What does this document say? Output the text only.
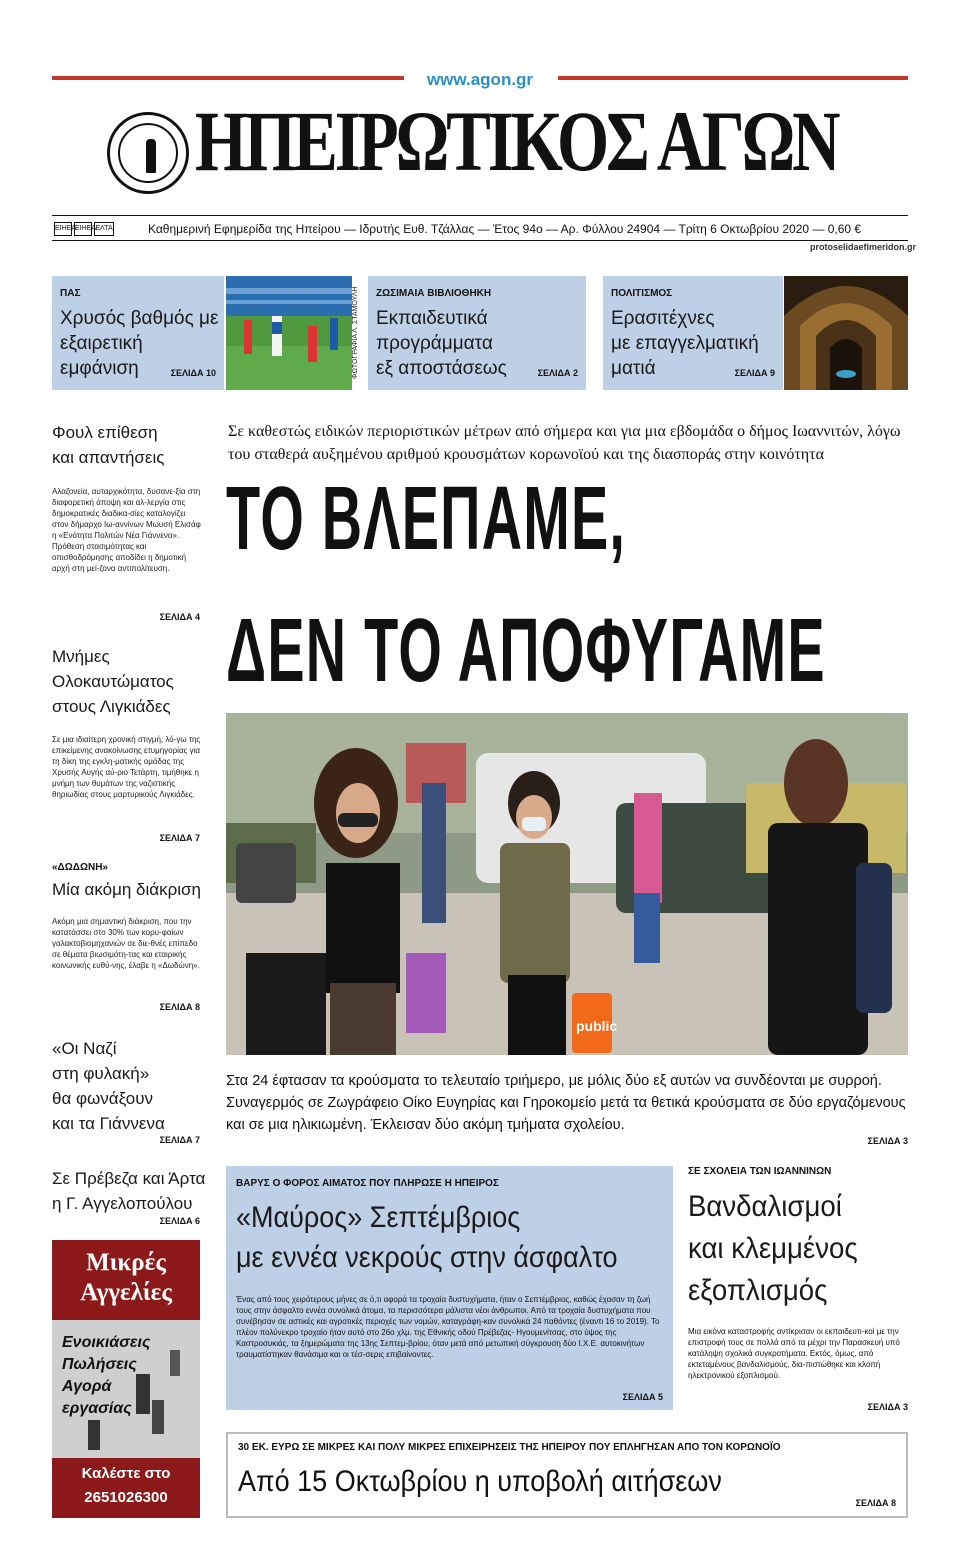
www.agon.gr
ΗΠΕΙΡΩΤΙΚΟΣ ΑΓΩΝ
ΕΙΗΕΑ
ΕΙΗΕΑ ΕΛΤΑ	Καθημερινή Εφημερίδα της Ηπείρου — Ιδρυτής Ευθ. Τζάλλας — Έτος 94ο — Αρ. Φύλλου 24904 — Τρίτη 6 Οκτωβρίου 2020 — 0,60 €
protoselidaefimeridon.gr
ΠΑΣ
Χρυσός βαθμός με
εξαιρετική εμφάνιση	ΣΕΛΙΔΑ 10	ΦΩΤΟΓΡΑΦΙΑ Λ. ΣΤΑΜΟΥΛΗ	ΖΩΣΙΜΑΙΑ ΒΙΒΛΙΟΘΗΚΗ
Εκπαιδευτικά προγράμματα
εξ αποστάσεως	ΣΕΛΙΔΑ 2
ΠΟΛΙΤΙΣΜΟΣ
Ερασιτέχνες
με επαγγελματική ματιά	ΣΕΛΙΔΑ 9
Φουλ επίθεση
και απαντήσεις
Αλαζονεία, αυταρχικότητα, δυσανε-ξία στη διαφορετική άποψη και αλ-λεργία στις δημοκρατικές διαδικα-σίες καταλογίζει στον δήμαρχο Ιω-αννίνων Μωυσή Ελισάφ η «Ενότητα Πολιτών Νέα Γιάννενα». Πρόθεση στασιμότητας και οπισθοδρόμησης αποδίδει η δημοτική αρχή στη μεί-ζονα αντιπολίτευση.
ΣΕΛΙΔΑ 4
Μνήμες
Ολοκαυτώματος
στους Λιγκιάδες
Σε μια ιδιαίτερη χρονική στιγμή, λό-γω της επικείμενης ανακοίνωσης ετυμηγορίας για τη δίκη της εγκλη-ματικής ομάδας της Χρυσής Αυγής αύ-ριο Τετάρτη, τιμήθηκε η μνήμη των θυμάτων της ναζιστικής θηριωδίας στους μαρτυρικούς Λιγκιάδες.
ΣΕΛΙΔΑ 7
«ΔΩΔΩΝΗ»
Μία ακόμη διάκριση
Ακόμη μια σημαντική διάκριση, που την κατατάσσει στο 30% των κορυ-φαίων γαλακτοβιομηχανιών σε διε-θνές επίπεδο σε θέματα βιωσιμότη-τας και εταιρικής κοινωνικής ευθύ-νης, έλαβε η «Δωδώνη».
ΣΕΛΙΔΑ 8
«Οι Ναζί
στη φυλακή»
θα φωνάξουν
και τα Γιάννενα
ΣΕΛΙΔΑ 7
Σε Πρέβεζα και Άρτα
η Γ. Αγγελοπούλου
ΣΕΛΙΔΑ 6
Σε καθεστώς ειδικών περιοριστικών μέτρων από σήμερα και για μια εβδομάδα ο δήμος Ιωαννιτών, λόγω του σταθερά αυξημένου αριθμού κρουσμάτων κορωνοϊού και της διασποράς στην κοινότητα
ΤΟ ΒΛΕΠΑΜΕ,
ΔΕΝ ΤΟ ΑΠΟΦΥΓΑΜΕ
public
Στα 24 έφτασαν τα κρούσματα το τελευταίο τριήμερο, με μόλις δύο εξ αυτών να συνδέονται με συρροή. Συναγερμός σε Ζωγράφειο Οίκο Ευγηρίας και Γηροκομείο μετά τα θετικά κρούσματα σε δύο εργαζόμενους και σε μια ηλικιωμένη. Έκλεισαν δύο ακόμη τμήματα σχολείου.
ΣΕΛΙΔΑ 3
ΒΑΡΥΣ Ο ΦΟΡΟΣ ΑΙΜΑΤΟΣ ΠΟΥ ΠΛΗΡΩΣΕ Η ΗΠΕΙΡΟΣ
«Μαύρος» Σεπτέμβριος
με εννέα νεκρούς στην άσφαλτο
Ένας από τους χειρότερους μήνες σε ό,τι αφορά τα τροχαία δυστυχήματα, ήταν ο Σεπτέμβριος, καθώς έχασαν τη ζωή τους στην άσφαλτο εννέα συνολικά άτομα, τα περισσότερα μάλιστα νέοι άνθρωποι. Από τα τροχαία δυστυχήματα που συνέβησαν σε αστικές και αγροτικές περιοχές των νομών, καταγράφη-καν συνολικά 24 παθόντες (έναντι 16 το 2019). Το πλέον πολύνεκρο τροχαίο ήταν αυτό στο 26ο χλμ. της Εθνικής οδού Πρέβεζας- Ηγουμενίτσας, στο ύψος της Καστροσυκιάς, τα ξημερώματα της 13ης Σεπτεμ-βρίου, όταν μετά από μετωπική σύγκρουση δύο Ι.Χ.Ε. αυτοκινήτων τραυματίστηκαν θανάσιμα και οι τέσ-σερις επιβαίνοντες.
ΣΕΛΙΔΑ 5
ΣΕ ΣΧΟΛΕΙΑ ΤΩΝ ΙΩΑΝΝΙΝΩΝ
Βανδαλισμοί
και κλεμμένος
εξοπλισμός
Μια εικόνα καταστροφής αντίκρισαν οι εκπαιδευτι-κοί με την επιστροφή τους σε πολλά από τα μέχρι την Παρασκευή υπό κατάληψη σχολικά συγκροτήματα. Εκτός, όμως, από εκτεταμένους βανδαλισμούς, δια-πιστώθηκε και κλοπή ηλεκτρονικού εξοπλισμού.
ΣΕΛΙΔΑ 3
Μικρές
Αγγελίες
Ενοικιάσεις
Πωλήσεις
Αγορά
εργασίας
Καλέστε στο
2651026300
30 ΕΚ. ΕΥΡΩ ΣΕ ΜΙΚΡΕΣ ΚΑΙ ΠΟΛΥ ΜΙΚΡΕΣ ΕΠΙΧΕΙΡΗΣΕΙΣ ΤΗΣ ΗΠΕΙΡΟΥ ΠΟΥ ΕΠΛΗΓΗΣΑΝ ΑΠΟ ΤΟΝ ΚΟΡΩΝΟΪΟ
Από 15 Οκτωβρίου η υποβολή αιτήσεων
ΣΕΛΙΔΑ 8
